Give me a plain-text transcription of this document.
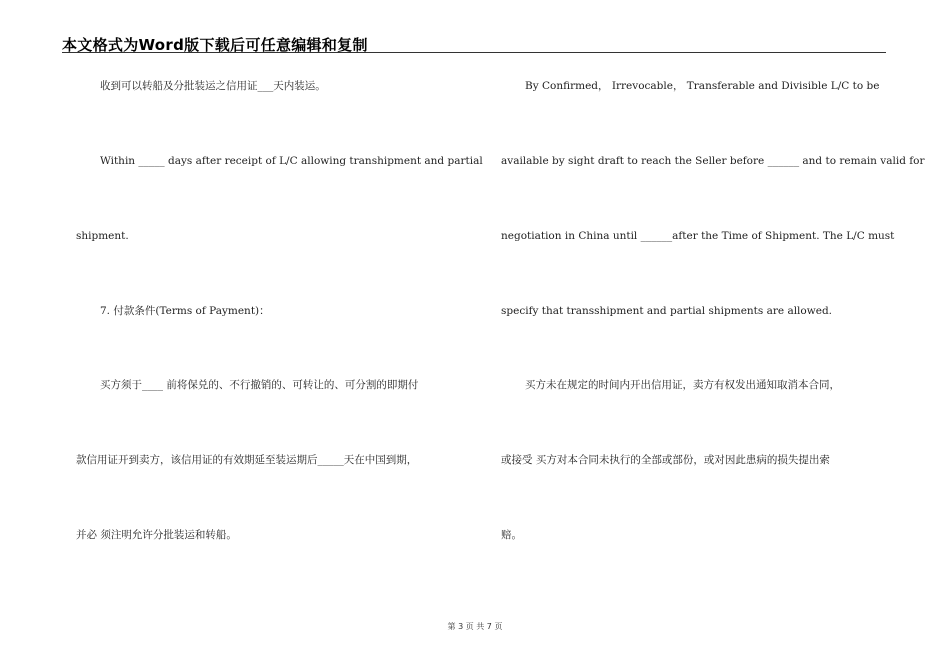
本文格式为Word版下载后可任意编辑和复制
收到可以转船及分批装运之信用证___天内装运。
Within _____ days after receipt of L/C allowing transhipment and partial
shipment.
7. 付款条件(Terms of Payment)：
买方须于____ 前将保兑的、不行撤销的、可转让的、可分割的即期付
款信用证开到卖方，该信用证的有效期延至装运期后_____天在中国到期，
并必 须注明允许分批装运和转船。
By Confirmed， Irrevocable， Transferable and Divisible L/C to be
available by sight draft to reach the Seller before ______ and to remain valid for
negotiation in China until ______after the Time of Shipment. The L/C must
specify that transshipment and partial shipments are allowed.
买方未在规定的时间内开出信用证，卖方有权发出通知取消本合同，
或接受 买方对本合同未执行的全部或部份，或对因此患病的损失提出索
赔。
第 3 页 共 7 页
